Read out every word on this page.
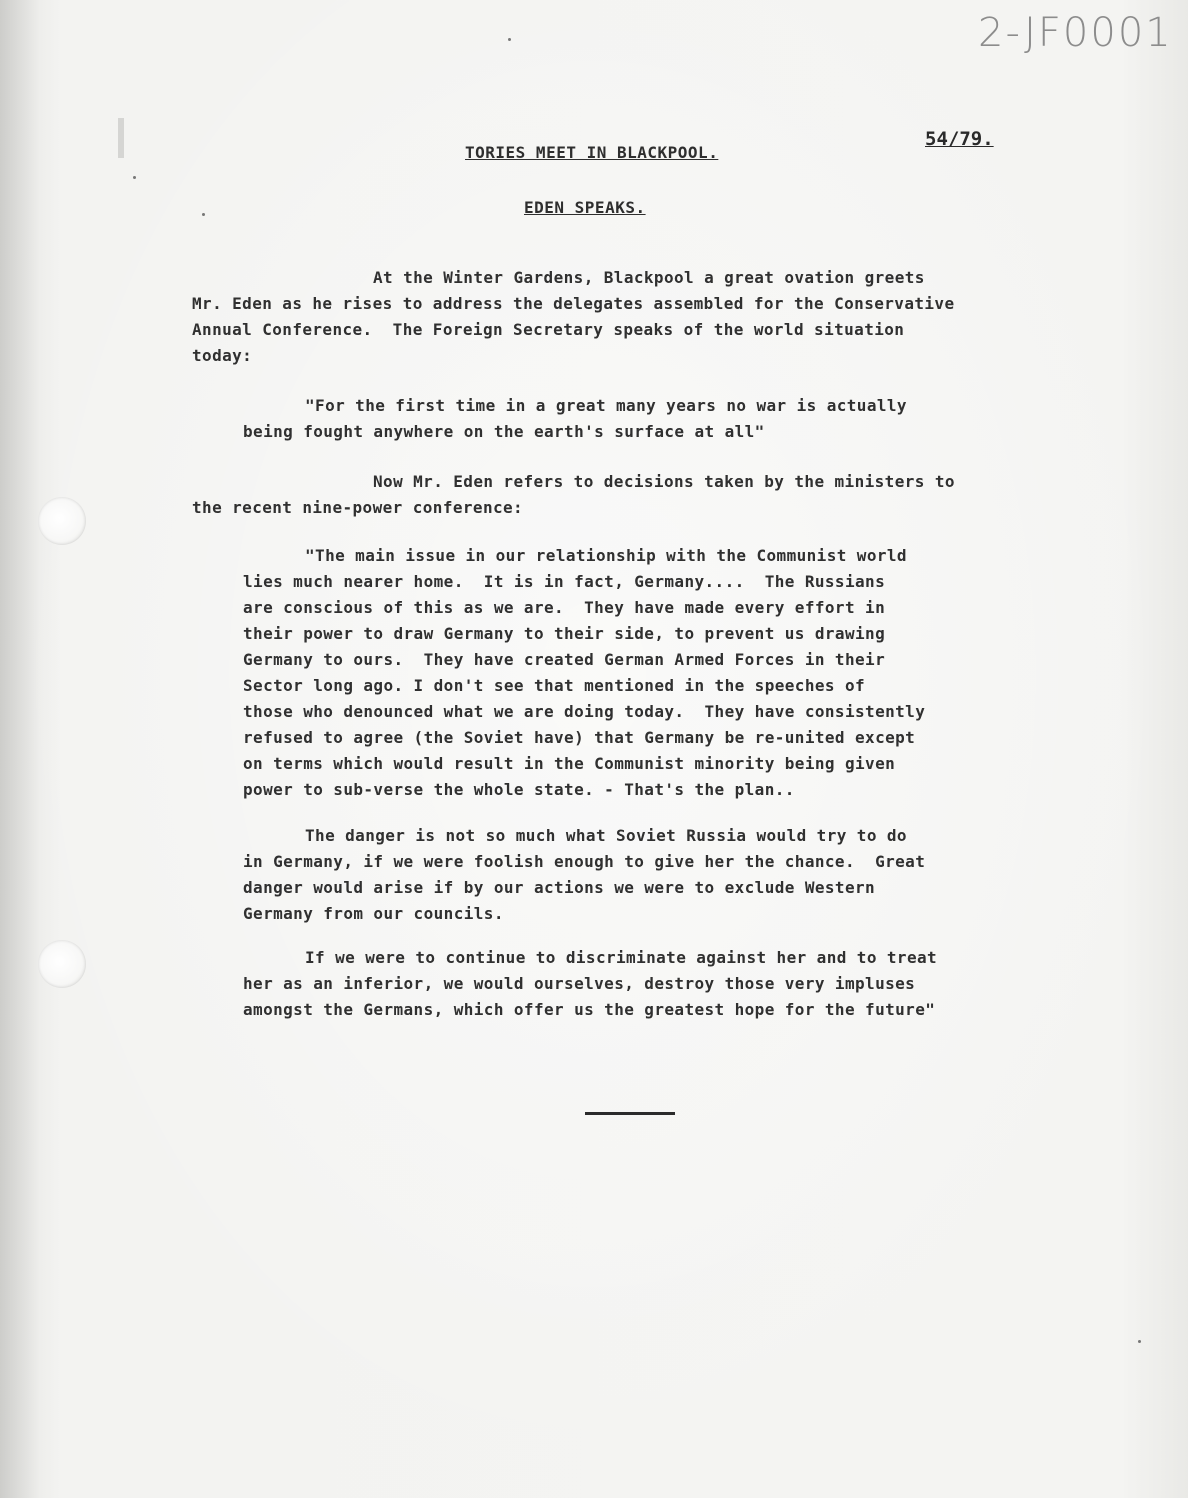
2-JF0001
54/79.
TORIES MEET IN BLACKPOOL.
EDEN SPEAKS.
At the Winter Gardens, Blackpool a great ovation greets
Mr. Eden as he rises to address the delegates assembled for the Conservative
Annual Conference.  The Foreign Secretary speaks of the world situation
today:
"For the first time in a great many years no war is actually
being fought anywhere on the earth's surface at all"
Now Mr. Eden refers to decisions taken by the ministers to
the recent nine-power conference:
"The main issue in our relationship with the Communist world
lies much nearer home.  It is in fact, Germany....  The Russians
are conscious of this as we are.  They have made every effort in
their power to draw Germany to their side, to prevent us drawing
Germany to ours.  They have created German Armed Forces in their
Sector long ago. I don't see that mentioned in the speeches of
those who denounced what we are doing today.  They have consistently
refused to agree (the Soviet have) that Germany be re-united except
on terms which would result in the Communist minority being given
power to sub-verse the whole state. - That's the plan..
The danger is not so much what Soviet Russia would try to do
in Germany, if we were foolish enough to give her the chance.  Great
danger would arise if by our actions we were to exclude Western
Germany from our councils.
If we were to continue to discriminate against her and to treat
her as an inferior, we would ourselves, destroy those very impluses
amongst the Germans, which offer us the greatest hope for the future"
